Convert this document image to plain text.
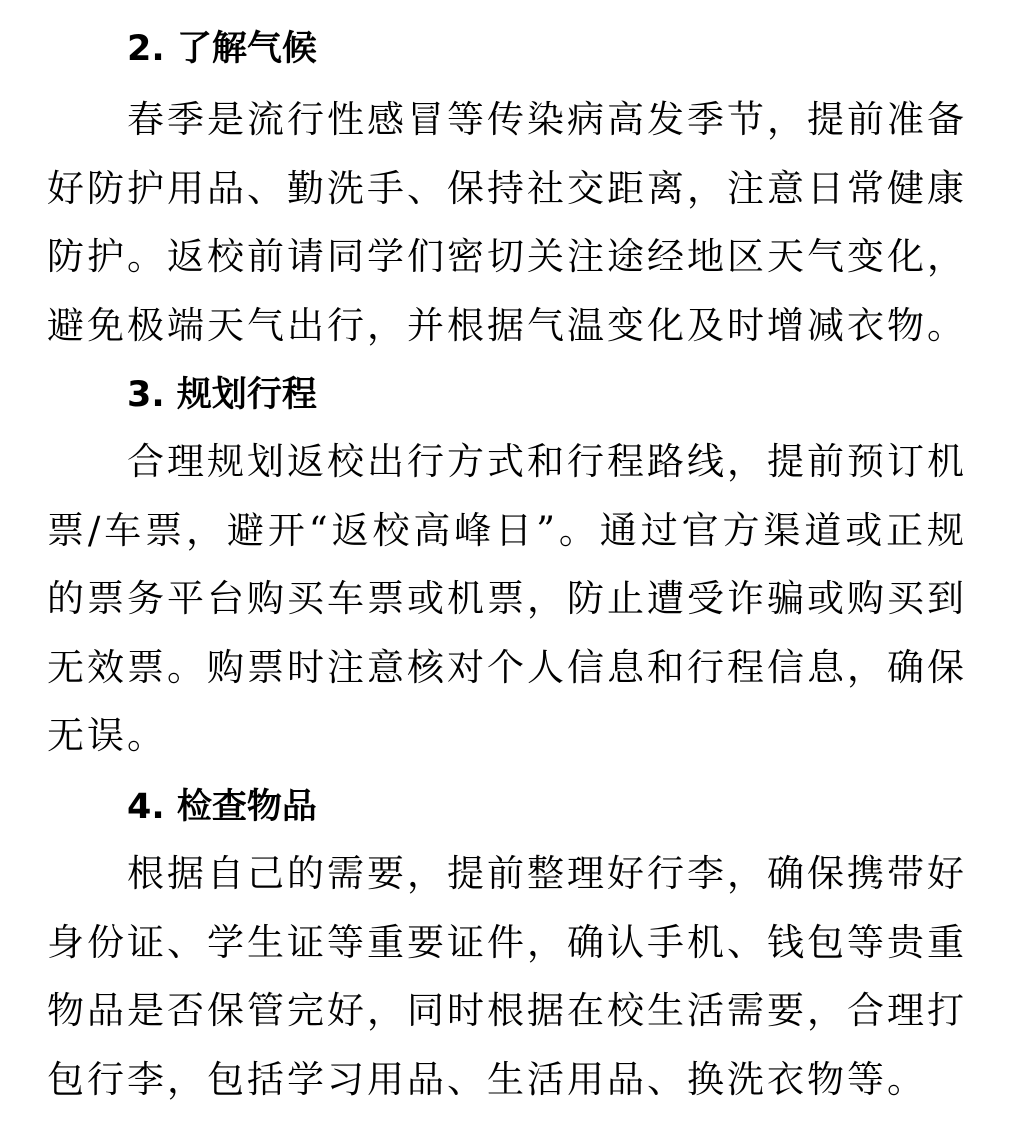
2. 了解气候

春季是流行性感冒等传染病高发季节，提前准备好防护用品、勤洗手、保持社交距离，注意日常健康防护。返校前请同学们密切关注途经地区天气变化，避免极端天气出行，并根据气温变化及时增减衣物。

3. 规划行程

合理规划返校出行方式和行程路线，提前预订机票/车票，避开“返校高峰日”。通过官方渠道或正规的票务平台购买车票或机票，防止遭受诈骗或购买到无效票。购票时注意核对个人信息和行程信息，确保无误。

4. 检查物品

根据自己的需要，提前整理好行李，确保携带好身份证、学生证等重要证件，确认手机、钱包等贵重物品是否保管完好，同时根据在校生活需要，合理打包行李，包括学习用品、生活用品、换洗衣物等。
